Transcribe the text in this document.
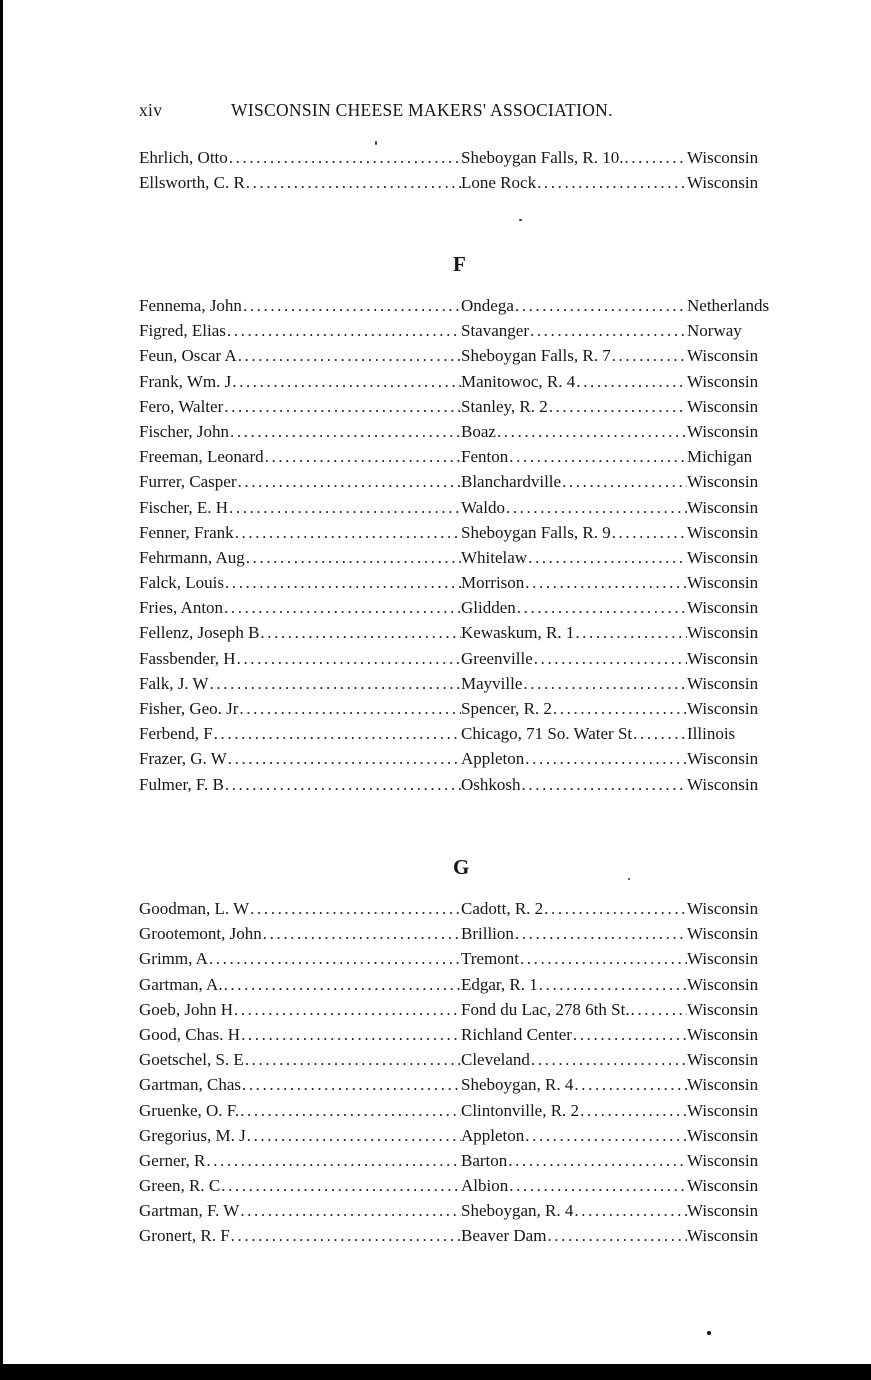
xiv	WISCONSIN CHEESE MAKERS' ASSOCIATION.
Ehrlich, Otto .....	Sheboygan Falls, R. 10. .....	Wisconsin
Ellsworth, C. R .....	Lone Rock .....	Wisconsin
F
Fennema, John .....	Ondega .....	Netherlands
Figred, Elias .....	Stavanger .....	Norway
Feun, Oscar A .....	Sheboygan Falls, R. 7 .....	Wisconsin
Frank, Wm. J .....	Manitowoc, R. 4 .....	Wisconsin
Fero, Walter .....	Stanley, R. 2 .....	Wisconsin
Fischer, John .....	Boaz .....	Wisconsin
Freeman, Leonard .....	Fenton .....	Michigan
Furrer, Casper .....	Blanchardville .....	Wisconsin
Fischer, E. H .....	Waldo .....	Wisconsin
Fenner, Frank .....	Sheboygan Falls, R. 9 .....	Wisconsin
Fehrmann, Aug .....	Whitelaw .....	Wisconsin
Falck, Louis .....	Morrison .....	Wisconsin
Fries, Anton .....	Glidden .....	Wisconsin
Fellenz, Joseph B .....	Kewaskum, R. 1 .....	Wisconsin
Fassbender, H .....	Greenville .....	Wisconsin
Falk, J. W .....	Mayville .....	Wisconsin
Fisher, Geo. Jr .....	Spencer, R. 2 .....	Wisconsin
Ferbend, F .....	Chicago, 71 So. Water St .....	Illinois
Frazer, G. W .....	Appleton .....	Wisconsin
Fulmer, F. B .....	Oshkosh .....	Wisconsin
G
Goodman, L. W .....	Cadott, R. 2 .....	Wisconsin
Grootemont, John .....	Brillion .....	Wisconsin
Grimm, A .....	Tremont .....	Wisconsin
Gartman, A. .....	Edgar, R. 1 .....	Wisconsin
Goeb, John H .....	Fond du Lac, 278 6th St. .....	Wisconsin
Good, Chas. H .....	Richland Center .....	Wisconsin
Goetschel, S. E .....	Cleveland .....	Wisconsin
Gartman, Chas .....	Sheboygan, R. 4 .....	Wisconsin
Gruenke, O. F. .....	Clintonville, R. 2 .....	Wisconsin
Gregorius, M. J .....	Appleton .....	Wisconsin
Gerner, R .....	Barton .....	Wisconsin
Green, R. C .....	Albion .....	Wisconsin
Gartman, F. W .....	Sheboygan, R. 4 .....	Wisconsin
Gronert, R. F .....	Beaver Dam .....	Wisconsin
